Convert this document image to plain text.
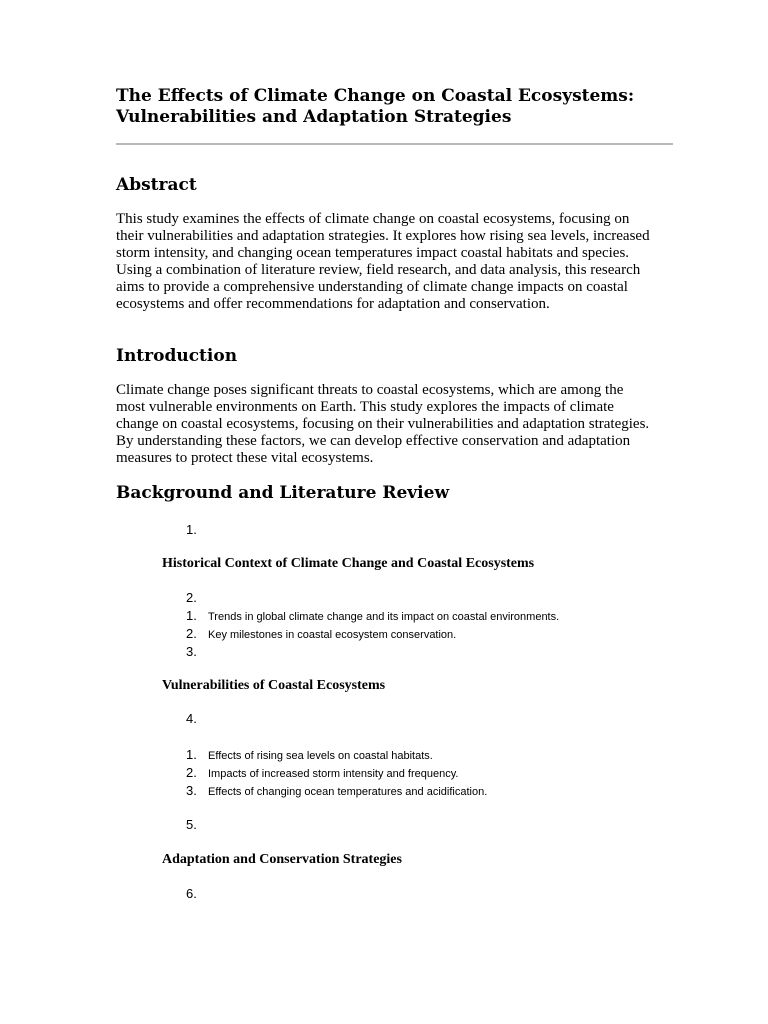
The Effects of Climate Change on Coastal Ecosystems: Vulnerabilities and Adaptation Strategies
Abstract

This study examines the effects of climate change on coastal ecosystems, focusing on their vulnerabilities and adaptation strategies. It explores how rising sea levels, increased storm intensity, and changing ocean temperatures impact coastal habitats and species. Using a combination of literature review, field research, and data analysis, this research aims to provide a comprehensive understanding of climate change impacts on coastal ecosystems and offer recommendations for adaptation and conservation.

Introduction

Climate change poses significant threats to coastal ecosystems, which are among the most vulnerable environments on Earth. This study explores the impacts of climate change on coastal ecosystems, focusing on their vulnerabilities and adaptation strategies. By understanding these factors, we can develop effective conservation and adaptation measures to protect these vital ecosystems.

Background and Literature Review
1.
Historical Context of Climate Change and Coastal Ecosystems
2.
1. Trends in global climate change and its impact on coastal environments.
2. Key milestones in coastal ecosystem conservation.
3.
Vulnerabilities of Coastal Ecosystems
4.
1. Effects of rising sea levels on coastal habitats.
2. Impacts of increased storm intensity and frequency.
3. Effects of changing ocean temperatures and acidification.
5.
Adaptation and Conservation Strategies
6.
